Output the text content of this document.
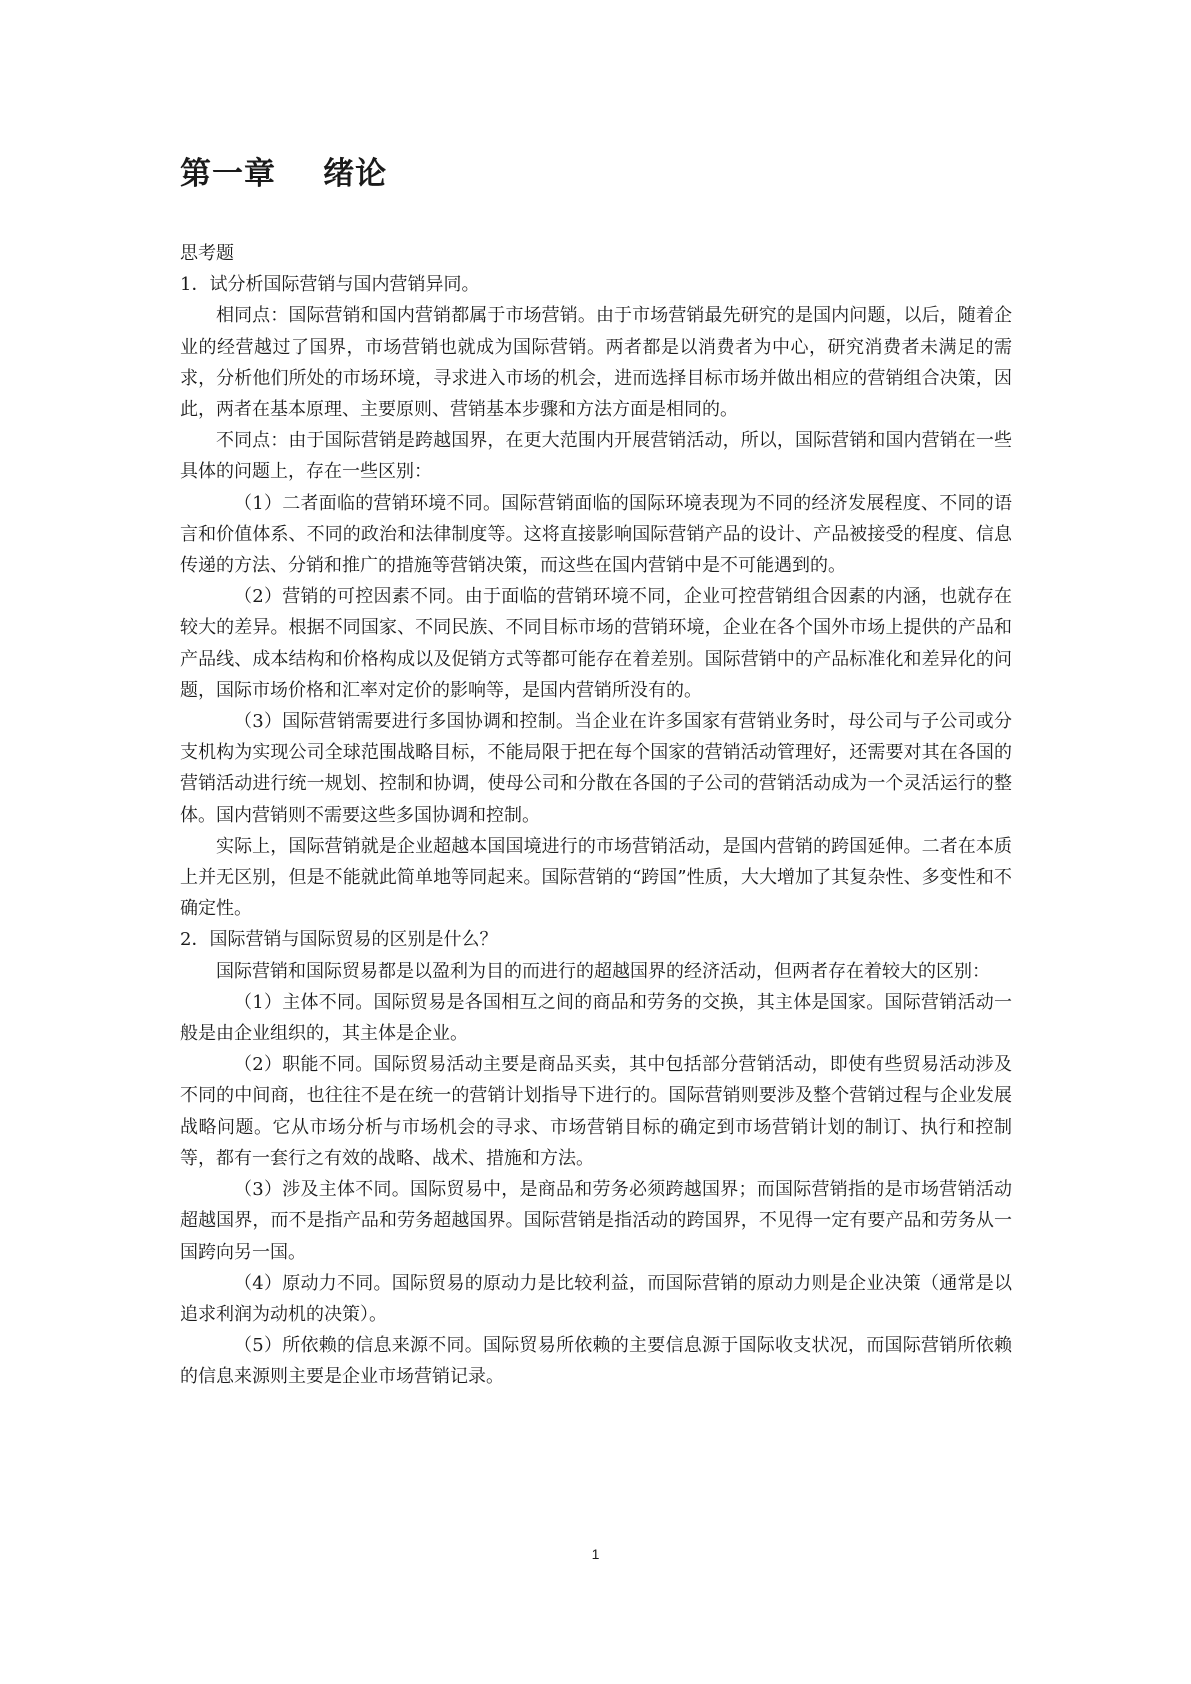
第一章    绪论

思考题

1．试分析国际营销与国内营销异同。

相同点：国际营销和国内营销都属于市场营销。由于市场营销最先研究的是国内问题，以后，随着企业的经营越过了国界，市场营销也就成为国际营销。两者都是以消费者为中心，研究消费者未满足的需求，分析他们所处的市场环境，寻求进入市场的机会，进而选择目标市场并做出相应的营销组合决策，因此，两者在基本原理、主要原则、营销基本步骤和方法方面是相同的。

不同点：由于国际营销是跨越国界，在更大范围内开展营销活动，所以，国际营销和国内营销在一些具体的问题上，存在一些区别：

（1）二者面临的营销环境不同。国际营销面临的国际环境表现为不同的经济发展程度、不同的语言和价值体系、不同的政治和法律制度等。这将直接影响国际营销产品的设计、产品被接受的程度、信息传递的方法、分销和推广的措施等营销决策，而这些在国内营销中是不可能遇到的。

（2）营销的可控因素不同。由于面临的营销环境不同，企业可控营销组合因素的内涵，也就存在较大的差异。根据不同国家、不同民族、不同目标市场的营销环境，企业在各个国外市场上提供的产品和产品线、成本结构和价格构成以及促销方式等都可能存在着差别。国际营销中的产品标准化和差异化的问题，国际市场价格和汇率对定价的影响等，是国内营销所没有的。

（3）国际营销需要进行多国协调和控制。当企业在许多国家有营销业务时，母公司与子公司或分支机构为实现公司全球范围战略目标，不能局限于把在每个国家的营销活动管理好，还需要对其在各国的营销活动进行统一规划、控制和协调，使母公司和分散在各国的子公司的营销活动成为一个灵活运行的整体。国内营销则不需要这些多国协调和控制。

实际上，国际营销就是企业超越本国国境进行的市场营销活动，是国内营销的跨国延伸。二者在本质上并无区别，但是不能就此简单地等同起来。国际营销的“跨国”性质，大大增加了其复杂性、多变性和不确定性。

2．国际营销与国际贸易的区别是什么？

国际营销和国际贸易都是以盈利为目的而进行的超越国界的经济活动，但两者存在着较大的区别：

（1）主体不同。国际贸易是各国相互之间的商品和劳务的交换，其主体是国家。国际营销活动一般是由企业组织的，其主体是企业。

（2）职能不同。国际贸易活动主要是商品买卖，其中包括部分营销活动，即使有些贸易活动涉及不同的中间商，也往往不是在统一的营销计划指导下进行的。国际营销则要涉及整个营销过程与企业发展战略问题。它从市场分析与市场机会的寻求、市场营销目标的确定到市场营销计划的制订、执行和控制等，都有一套行之有效的战略、战术、措施和方法。

（3）涉及主体不同。国际贸易中，是商品和劳务必须跨越国界；而国际营销指的是市场营销活动超越国界，而不是指产品和劳务超越国界。国际营销是指活动的跨国界，不见得一定有要产品和劳务从一国跨向另一国。

（4）原动力不同。国际贸易的原动力是比较利益，而国际营销的原动力则是企业决策（通常是以追求利润为动机的决策）。

（5）所依赖的信息来源不同。国际贸易所依赖的主要信息源于国际收支状况，而国际营销所依赖的信息来源则主要是企业市场营销记录。

1
